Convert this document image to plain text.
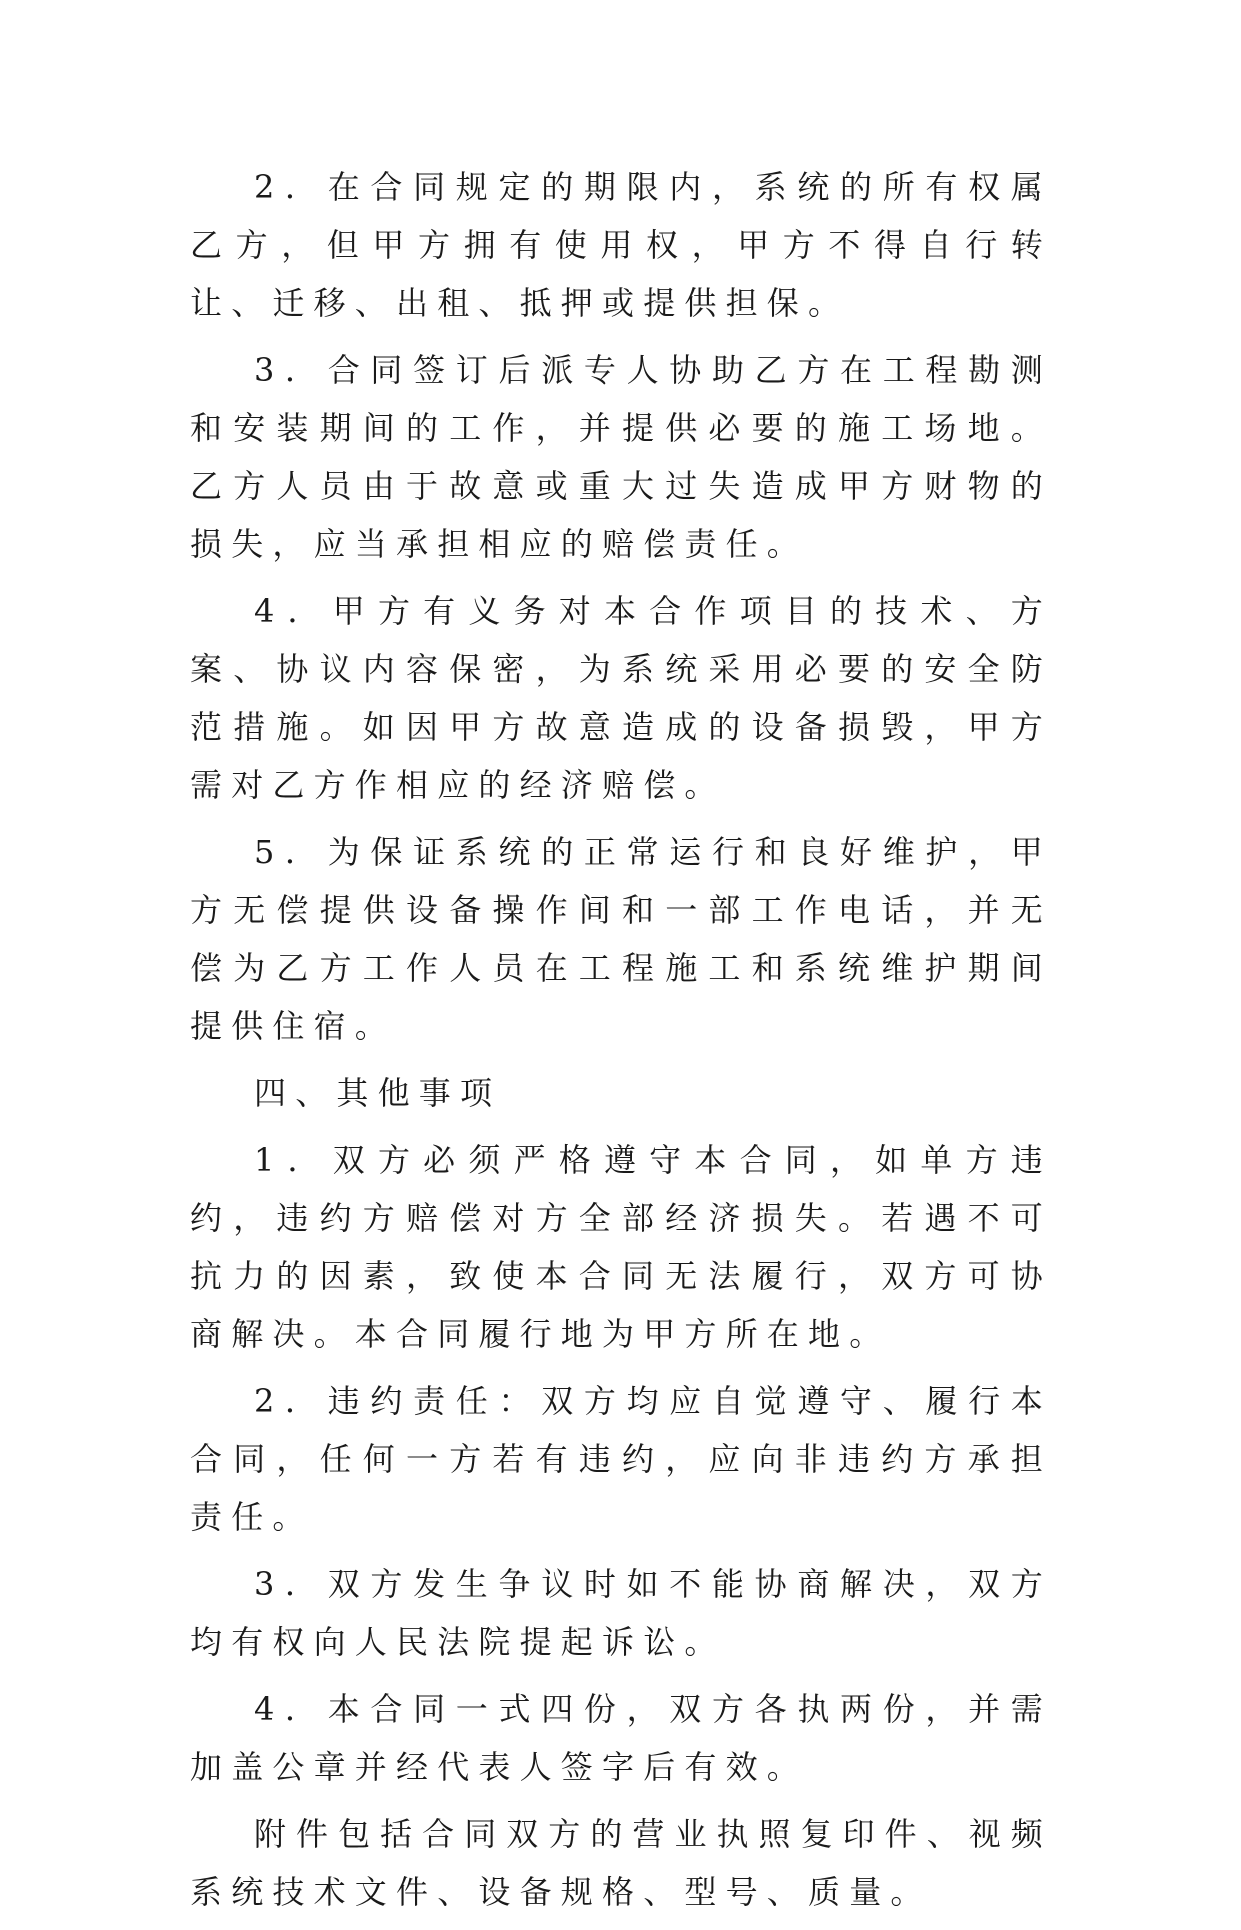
2．在合同规定的期限内，系统的所有权属乙方，但甲方拥有使用权，甲方不得自行转让、迁移、出租、抵押或提供担保。

3．合同签订后派专人协助乙方在工程勘测和安装期间的工作，并提供必要的施工场地。乙方人员由于故意或重大过失造成甲方财物的损失，应当承担相应的赔偿责任。

4．甲方有义务对本合作项目的技术、方案、协议内容保密，为系统采用必要的安全防范措施。如因甲方故意造成的设备损毁，甲方需对乙方作相应的经济赔偿。

5．为保证系统的正常运行和良好维护，甲方无偿提供设备操作间和一部工作电话，并无偿为乙方工作人员在工程施工和系统维护期间提供住宿。

四、其他事项

1．双方必须严格遵守本合同，如单方违约，违约方赔偿对方全部经济损失。若遇不可抗力的因素，致使本合同无法履行，双方可协商解决。本合同履行地为甲方所在地。

2．违约责任：双方均应自觉遵守、履行本合同，任何一方若有违约，应向非违约方承担责任。

3．双方发生争议时如不能协商解决，双方均有权向人民法院提起诉讼。

4．本合同一式四份，双方各执两份，并需加盖公章并经代表人签字后有效。

附件包括合同双方的营业执照复印件、视频系统技术文件、设备规格、型号、质量。
